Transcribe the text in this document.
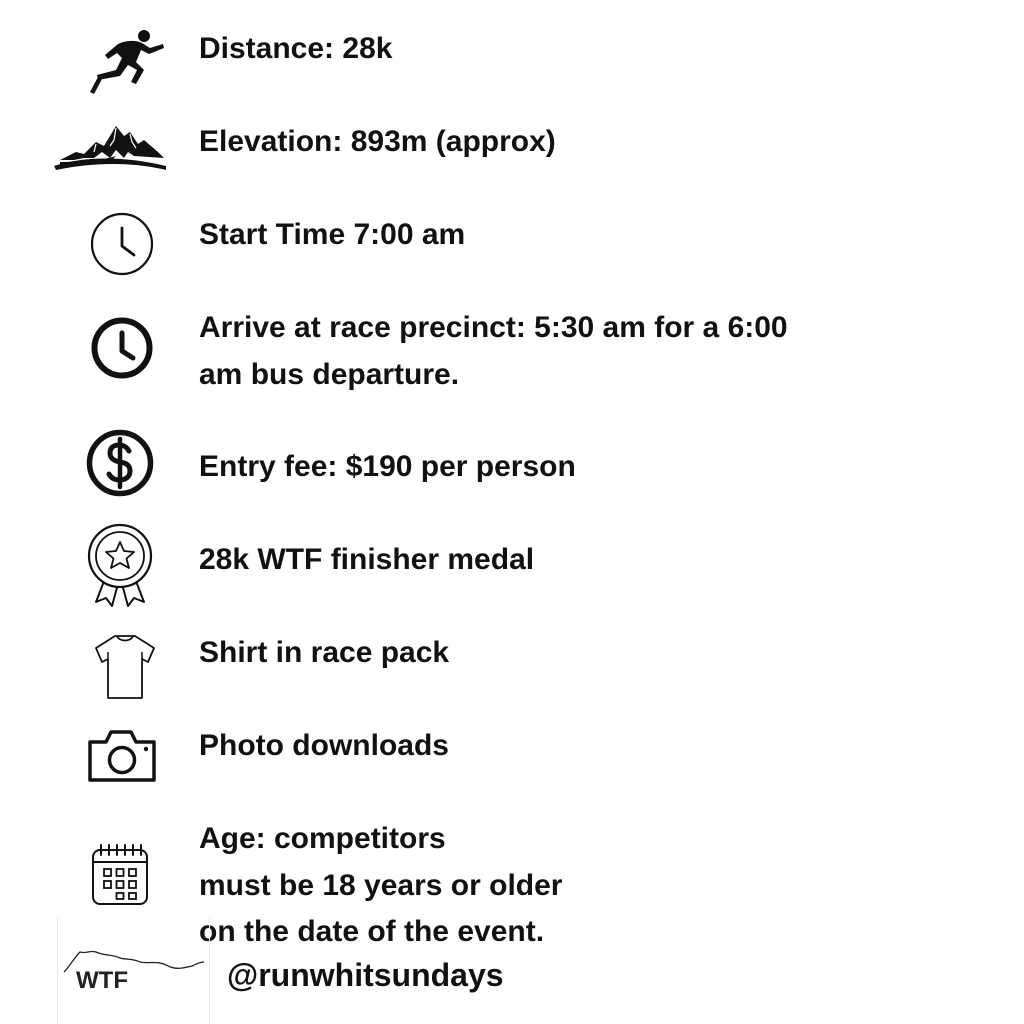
Distance: 28k
Elevation: 893m (approx)
Start Time 7:00 am
Arrive at race precinct: 5:30 am for a 6:00
am bus departure.
Entry fee: $190 per person
28k WTF finisher medal
Shirt in race pack
Photo downloads
Age: competitors
must be 18 years or older
on the date of the event.
WTF	@runwhitsundays
